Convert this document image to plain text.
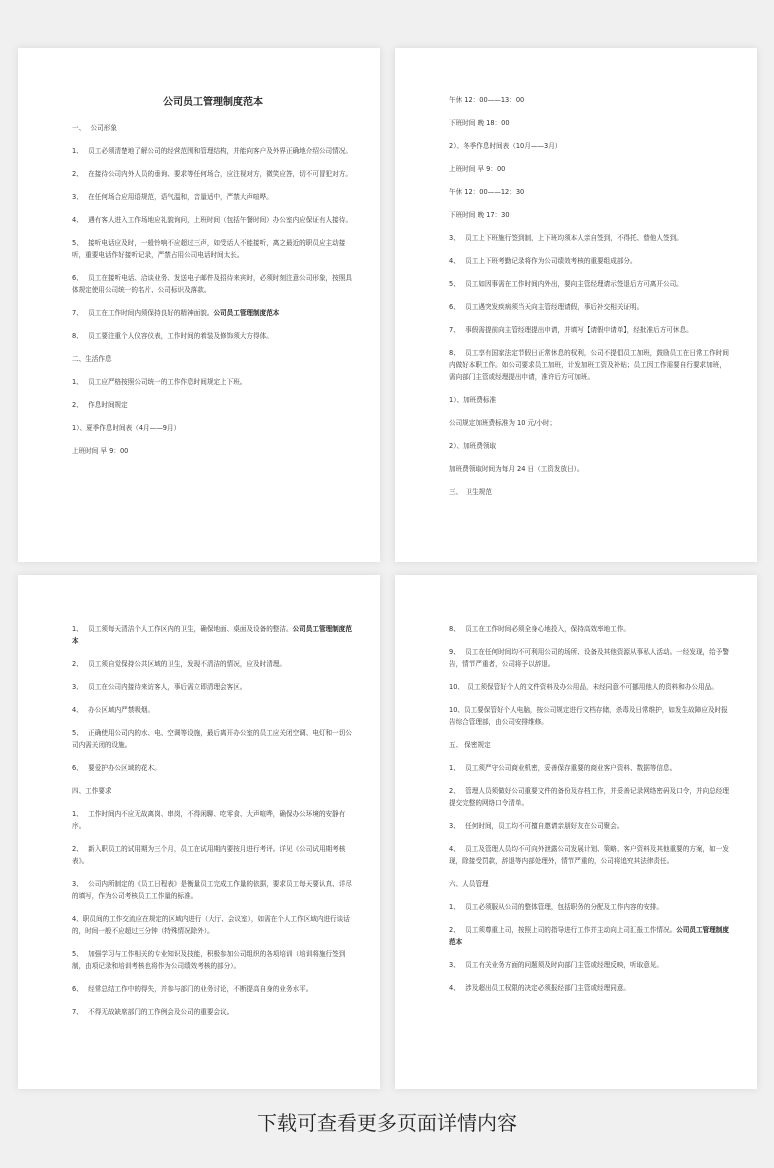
公司员工管理制度范本
一、　 公司形象
1、　 员工必须清楚地了解公司的经营范围和管理结构，并能向客户及外界正确地介绍公司情况。
2、　 在接待公司内外人员的垂询、要求等任何场合，应注视对方，微笑应答，切不可冒犯对方。
3、　 在任何场合应用语规范，语气温和，音量适中，严禁大声喧哗。
4、　 遇有客人进入工作场地应礼貌询问，上班时间（包括午餐时间）办公室内应保证有人接待。
5、　 接听电话应及时，一般铃响不应超过三声，如受话人不能接听，离之最近的职员应主动接听，重要电话作好接听记录，严禁占用公司电话时间太长。
6、　 员工在接听电话、洽谈业务、发送电子邮件及招待来宾时，必须时刻注意公司形象，按照具体规定使用公司统一的名片、公司标识及落款。
7、　 员工在工作时间内须保持良好的精神面貌。公司员工管理制度范本
8、　 员工要注重个人仪容仪表，工作时间的着装及修饰须大方得体。
二、生活作息
1、　 员工应严格按照公司统一的工作作息时间规定上下班。
2、　 作息时间规定
1）、夏季作息时间表（4月——9月）
上班时间 早 9：00
午休 12：00——13：00
下班时间 晚 18：00
2）、冬季作息时间表（10月——3月）
上班时间 早 9：00
午休 12：00——12：30
下班时间 晚 17：30
3、　 员工上下班施行签到制，上下班均须本人亲自签到，不得托、替他人签到。
4、　 员工上下班考勤记录将作为公司绩效考核的重要组成部分。
5、　 员工如因事需在工作时间内外出，要向主管经理请示签退后方可离开公司。
6、　 员工遇突发疾病须当天向主管经理请假，事后补交相关证明。
7、　 事假需提前向主管经理提出申请，并填写【请假申请单】，经批准后方可休息。
8、　 员工享有国家法定节假日正常休息的权利，公司不提倡员工加班，鼓励员工在日常工作时间内做好本职工作。如公司要求员工加班，计发加班工资及补贴；员工因工作需要自行要求加班，需向部门主管或经理提出申请，准许后方可加班。
1）、加班费标准
公司规定加班费标准为 10 元/小时；
2）、加班费领取
加班费领取时间为每月 24 日（工资发放日）。
三、　卫生规范
1、　 员工须每天清洁个人工作区内的卫生，确保地面、桌面及设备的整洁。公司员工管理制度范本
2、　 员工须自觉保持公共区域的卫生，发现不清洁的情况，应及时清理。
3、　 员工在公司内接待来访客人，事后需立即清理会客区。
4、　 办公区域内严禁吸烟。
5、　 正确使用公司内的水、电、空调等设施，最后离开办公室的员工应关闭空调、电灯和一切公司内需关闭的设施。
6、　 要爱护办公区域的花木。
四、工作要求
1、　 工作时间内不应无故离岗、串岗，不得闲聊、吃零食、大声喧哗，确保办公环境的安静有序。
2、　 新入职员工的试用期为三个月，员工在试用期内要按月进行考评。详见《公司试用期考核表》。
3、　 公司内所制定的《员工日程表》是衡量员工完成工作量的依据，要求员工每天要认真、详尽的填写，作为公司考核员工工作量的标准。
4、职员间的工作交流应在规定的区域内进行（大厅、会议室），如需在个人工作区域内进行谈话的，时间一般不应超过三分钟（特殊情况除外）。
5、　 加强学习与工作相关的专业知识及技能，积极参加公司组织的各项培训（培训将施行签到制，由项记录和培训考核也将作为公司绩效考核的部分）。
6、　 经常总结工作中的得失，并参与部门的业务讨论，不断提高自身的业务水平。
7、　 不得无故缺席部门的工作例会及公司的重要会议。
8、　 员工在工作时间必须全身心地投入，保持高效率地工作。
9、　 员工在任何时间均不可利用公司的场所、设备及其他资源从事私人活动。一经发现，给予警告，情节严重者，公司将予以辞退。
10、　员工须保管好个人的文件资料及办公用品，未经同意不可挪用他人的资料和办公用品。
10、员工要保管好个人电脑，按公司规定进行文档存储，杀毒及日常维护，如发生故障应及时报告综合管理部，由公司安排维修。
五、 保密规定
1、　 员工须严守公司商业机密，妥善保存重要的商业客户资料、数据等信息。
2、　 管理人员须做好公司重要文件的备份及存档工作，并妥善记录网络密码及口令，并向总经理提交完整的网络口令清单。
3、　 任何时间，员工均不可擅自邀请亲朋好友在公司聚会。
4、　 员工及管理人员均不可向外泄露公司发展计划、策略、客户资料及其他重要的方案，如一发现，除接受罚款，辞退等内部处理外，情节严重的，公司将追究其法律责任。
六、人员管理
1、　 员工必须服从公司的整体管理，包括职务的分配及工作内容的安排。
2、　 员工须尊重上司，按照上司的指导进行工作并主动向上司汇报工作情况。公司员工管理制度范本
3、　 员工有关业务方面的问题须及时向部门主管或经理反映，听取意见。
4、　 涉及超出员工权限的决定必须报经部门主管或经理同意。
下载可查看更多页面详情内容
